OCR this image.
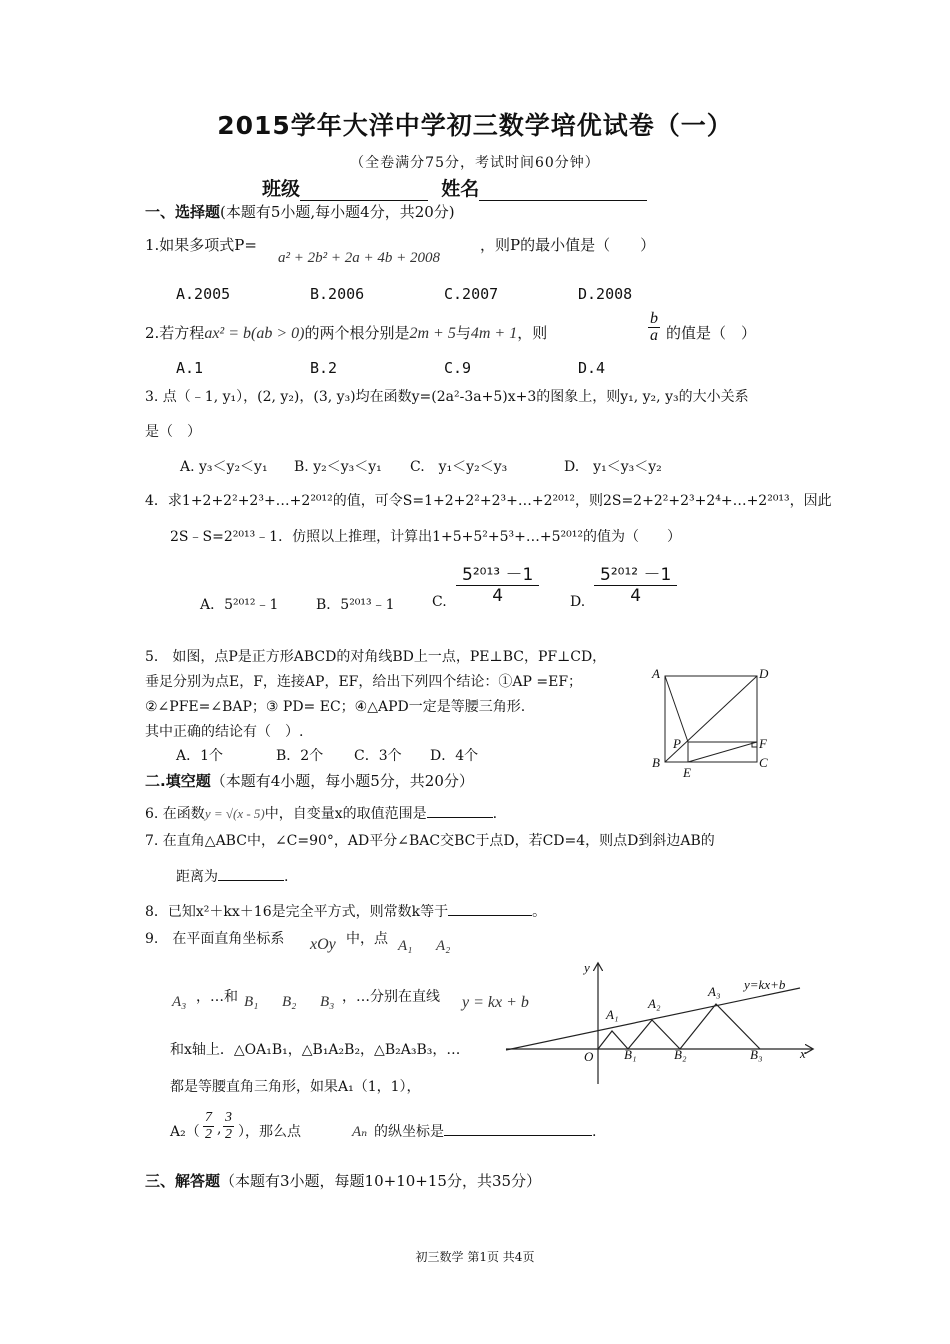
2015学年大洋中学初三数学培优试卷（一）
（全卷满分75分，考试时间60分钟）
班级	姓名
一、选择题(本题有5小题,每小题4分，共20分)
1.如果多项式P=
a² + 2b² + 2a + 4b + 2008
，则P的最小值是（　　）
A.2005	B.2006	C.2007	D.2008
2.若方程ax² = b(ab > 0)的两个根分别是2m + 5与4m + 1，则	$\frac{b}{a}$ 的值是（　）
A.1	B.2	C.9	D.4
3. 点（﹣1, y₁），(2, y₂)，(3, y₃)均在函数y=(2a²-3a+5)x+3的图象上，则y₁, y₂, y₃的大小关系
是（　）
A. y₃＜y₂＜y₁ B. y₂＜y₃＜y₁ C.　y₁＜y₂＜y₃	D.　y₁＜y₃＜y₂
4．求1+2+2²+2³+…+2²⁰¹²的值，可令S=1+2+2²+2³+…+2²⁰¹²，则2S=2+2²+2³+2⁴+…+2²⁰¹³，因此
2S﹣S=2²⁰¹³﹣1．仿照以上推理，计算出1+5+5²+5³+…+5²⁰¹²的值为（　　）
A．5²⁰¹²﹣1	B．5²⁰¹³﹣1	C.
5²⁰¹³ －1
4	D.
5²⁰¹² －1
4
5． 如图，点P是正方形ABCD的对角线BD上一点，PE⊥BC，PF⊥CD，
垂足分别为点E，F，连接AP，EF，给出下列四个结论：①AP =EF；
②∠PFE=∠BAP；③ PD= EC；④△APD一定是等腰三角形.
其中正确的结论有（　）.
A．1个	B．2个 C．3个 D．4个
A	D
P	F
B
E
C
二.填空题（本题有4小题，每小题5分，共20分）
6. 在函数y = √(x - 5)中，自变量x的取值范围是	.
7. 在直角△ABC中，∠C=90°，AD平分∠BAC交BC于点D，若CD=4，则点D到斜边AB的
距离为	.
8．已知x²＋kx＋16是完全平方式，则常数k等于	。
9.　在平面直角坐标系 xOy 中，点 A₁ A₂
A₃ ，…和 B₁ B₂ B₃ ，…分别在直线 y = kx + b
和x轴上．△OA₁B₁，△B₁A₂B₂，△B₂A₃B₃，…
都是等腰直角三角形，如果A₁（1，1），
$A_2( \frac{7}{2}$ , $\frac{3}{2}$ ），那么点	Aₙ 的纵坐标是	.
y
x
O
y=kx+b
A₁
A₂
A₃
B₁	B₂	B₃
三、解答题（本题有3小题，每题10+10+15分，共35分）
初三数学 第1页 共4页
